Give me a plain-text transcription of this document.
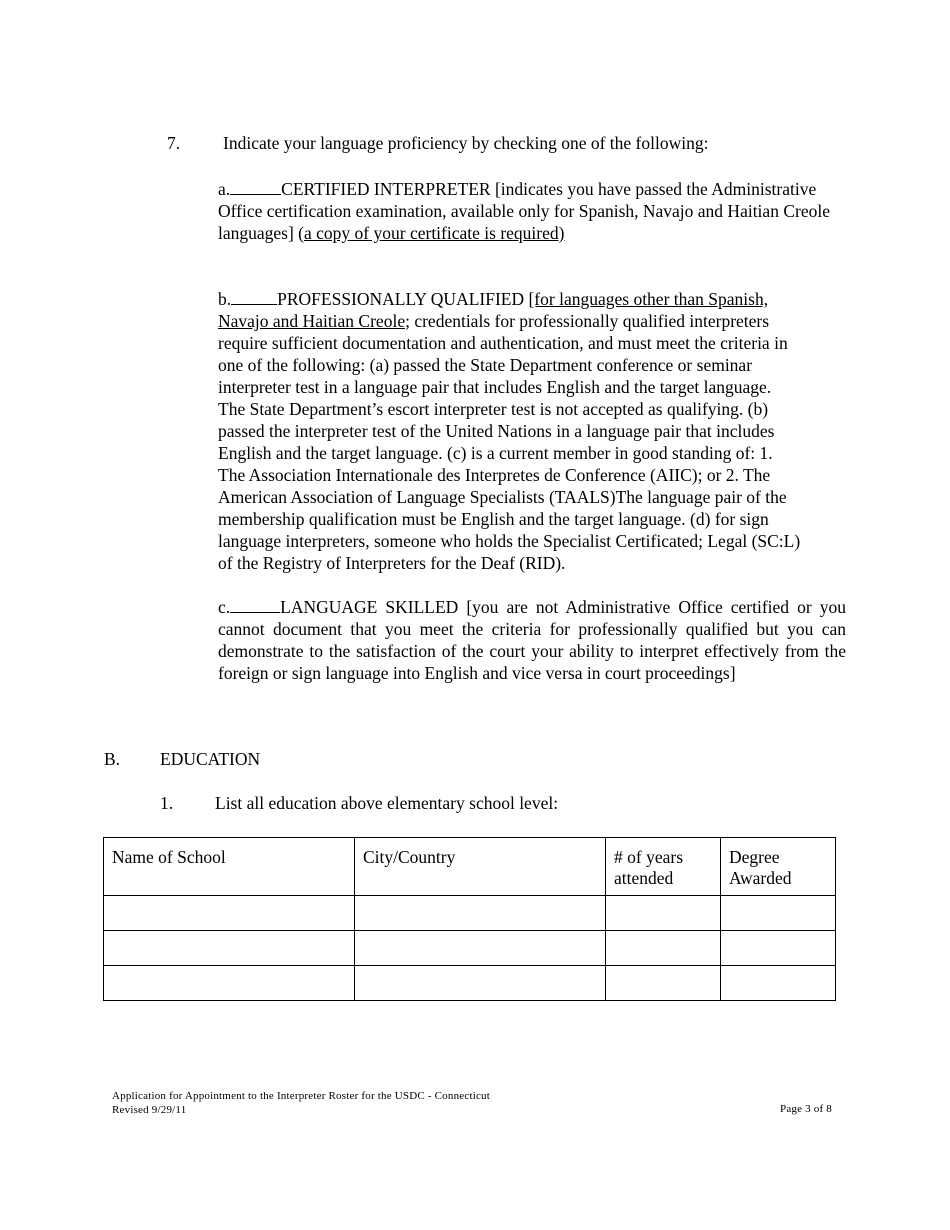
7. Indicate your language proficiency by checking one of the following:
a.	CERTIFIED INTERPRETER [indicates you have passed the Administrative
Office certification examination, available only for Spanish, Navajo and Haitian Creole
languages] (a copy of your certificate is required)
b.	PROFESSIONALLY QUALIFIED [for languages other than Spanish,
Navajo and Haitian Creole; credentials for professionally qualified interpreters
require sufficient documentation and authentication, and must meet the criteria in
one of the following: (a) passed the State Department conference or seminar
interpreter test in a language pair that includes English and the target language.
The State Department’s escort interpreter test is not accepted as qualifying. (b)
passed the interpreter test of the United Nations in a language pair that includes
English and the target language. (c) is a current member in good standing of: 1.
The Association Internationale des Interpretes de Conference (AIIC); or 2. The
American Association of Language Specialists (TAALS)The language pair of the
membership qualification must be English and the target language. (d) for sign
language interpreters, someone who holds the Specialist Certificated; Legal (SC:L)
of the Registry of Interpreters for the Deaf (RID).

c.	LANGUAGE SKILLED [you are not Administrative Office certified or you cannot document that you meet the criteria for professionally qualified but you can demonstrate to the satisfaction of the court your ability to interpret effectively from the foreign or sign language into English and vice versa in court proceedings]

B. EDUCATION
1. List all education above elementary school level:
Name of School	City/Country	# of years attended	Degree Awarded

Application for Appointment to the Interpreter Roster for the USDC - Connecticut
Revised 9/29/11	Page 3 of 8
